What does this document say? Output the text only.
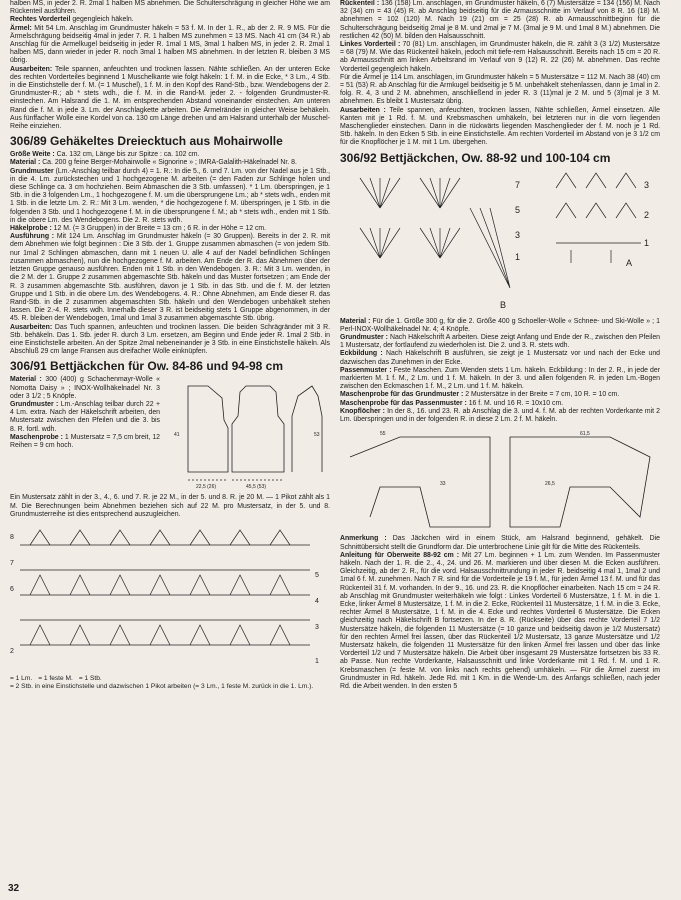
halben MS, in jeder 2. R. 2mal 1 halben MS abnehmen. Die Schulterschrägung in gleicher Höhe wie am Rückenteil ausführen.

Rechtes Vorderteil gegengleich häkeln.

Ärmel: Mit 54 Lm. Anschlag im Grundmuster häkeln = 53 f. M. In der 1. R., ab der 2. R. 9 MS. Für die Ärmelschrägung beidseitig 4mal in jeder 7. R. 1 halben MS zunehmen = 13 MS. Nach 41 cm (34 R.) ab Anschlag für die Armelkugel beidseitig in jeder R. 1mal 1 MS, 3mal 1 halben MS, in jeder 2. R. 2mal 1 halben MS, dann wieder in jeder R. noch 3mal 1 halben MS abnehmen. In der letzten R. bleiben 3 MS übrig.

Ausarbeiten: Teile spannen, anfeuchten und trocknen lassen. Nähte schließen. An der unteren Ecke des rechten Vorderteiles beginnend 1 Muschelkante wie folgt häkeln: 1 f. M. in die Ecke, * 3 Lm., 4 Stb. in die Einstichstelle der f. M. (= 1 Muschel), 1 f. M. in den Kopf des Rand-Stb., bzw. Wendebogens der 2. Grundmuster-R.; ab * stets wdh., die f. M. in die Rand-M. jeder 2. - folgenden Grundmuster-R. einstechen. Am Halsrand die 1. M. im entsprechenden Abstand voneinander einstechen. Am unteren Rand die f. M. in jede 3. Lm. der Anschlagkette arbeiten. Die Ärmelränder in gleicher Weise behäkeln. Aus fünffacher Wolle eine Kordel von ca. 130 cm Länge drehen und am Halsrand unterhalb der Muschel-Reihe einziehen.

306/89 Gehäkeltes Dreiecktuch aus Mohairwolle

Größe Weite : Ca. 132 cm, Länge bis zur Spitze : ca. 102 cm.

Material : Ca. 200 g feine Berger-Mohairwolle « Signorine » ; IMRA-Galalith-Häkelnadel Nr. 8.

Grundmuster (Lm.-Anschlag teilbar durch 4) = 1. R.: In die 5., 6. und 7. Lm. von der Nadel aus je 1 Stb., in die 4. Lm. zurückstechen und 1 hochgezogene M. arbeiten (= den Faden zur Schlinge holen und diese Schlinge ca. 3 cm hochziehen. Beim Abmaschen die 3 Stb. umfassen). * 1 Lm. überspringen, je 1 Stb. in die 3 folgenden Lm., 1 hochgezogene f. M. um die übersprungene Lm.; ab * stets wdh., enden mit 1 Stb. in die letzte Lm. 2. R.: Mit 3 Lm. wenden, * die hochgezogene f. M. überspringen, je 1 Stb. in die folgenden 3 Stb. und 1 hochgezogene f. M. in die übersprungene f. M.; ab * stets wdh., enden mit 1 Stb. in die obere Lm. des Wendebogens. Die 2. R. stets wdh.

Häkelprobe : 12 M. (= 3 Gruppen) in der Breite = 13 cm ; 6 R. in der Höhe = 12 cm.

Ausführung : Mit 124 Lm. Anschlag im Grundmuster häkeln (= 30 Gruppen). Bereits in der 2. R. mit dem Abnehmen wie folgt beginnen : Die 3 Stb. der 1. Gruppe zusammen abmaschen (= von jedem Stb. nur 1mal 2 Schlingen abmaschen, dann mit 1 neuen U. alle 4 auf der Nadel befindlichen Schlingen zusammen abmaschen), nun die hochgezogene f. M. arbeiten. Am Ende der R. das Abnehmen über der letzten Gruppe genauso ausführen. Enden mit 1 Stb. in den Wendebogen. 3. R.: Mit 3 Lm. wenden, in die 2 M. der 1. Gruppe 2 zusammen abgemaschte Stb. häkeln und das Muster fortsetzen ; am Ende der R. 3 zusammen abgemaschte Stb. ausführen, davon je 1 Stb. in das Stb. und die f. M. der letzten Gruppe und 1 Stb. in die obere Lm. des Wendebogens. 4. R.: Ohne Abnehmen, am Ende dieser R. das Rand-Stb. in die 2 zusammen abgemaschten Stb. häkeln und den Wendebogen unbehäkelt stehen lassen. Die 2.-4. R. stets wdh. Innerhalb dieser 3 R. ist beidseitig stets 1 Gruppe abgenommen, in der 45. R. bleiben der Wendebogen, 1mal und 1mal 3 zusammen abgemaschte Stb. übrig.

Ausarbeiten: Das Tuch spannen, anfeuchten und trocknen lassen. Die beiden Schrägränder mit 3 R. Stb. behäkeln. Das 1. Stb. jeder R. durch 3 Lm. ersetzen, am Beginn und Ende jeder R. 1mal 2 Stb. in eine Einstichstelle arbeiten. An der Spitze 2mal nebeneinander je 3 Stb. in eine Einstichstelle häkeln. Als Abschluß 29 cm lange Fransen aus dreifacher Wolle einknüpfen.

306/91 Bettjäckchen für Ow. 84-86 und 94-98 cm

Material : 300 (400) g Schachenmayr-Wolle « Nomotta Daisy » ; INOX-Wollhäkelnadel Nr. 3 oder 3 1/2 ; 5 Knöpfe.

Grundmuster : Lm.-Anschlag teilbar durch 22 + 4 Lm. extra. Nach der Häkelschrift arbeiten, den Mustersatz zwischen den Pfeilen und die 3. bis 8. R. fortl. wdh.

Maschenprobe : 1 Mustersatz = 7,5 cm breit, 12 Reihen = 9 cm hoch.

22,5 (26)	45,5 (53)
41	53

Ein Mustersatz zählt in der 3., 4., 6. und 7. R. je 22 M., in der 5. und 8. R. je 20 M. — 1 Pikot zählt als 1 M. Die Berechnungen beim Abnehmen beziehen sich auf 22 M. pro Mustersatz, in der 5. und 8. Grundmusterreihe ist dies entsprechend auszugleichen.

8
7
6
5
4
3
2
1
= 1 Lm. = 1 feste M. = 1 Stb.
= 2 Stb. in eine Einstichstelle und dazwischen 1 Pikot arbeiten (= 3 Lm., 1 feste M. zurück in die 1. Lm.).

Rückenteil : 136 (158) Lm. anschlagen, im Grundmuster häkeln, 6 (7) Mustersätze = 134 (156) M. Nach 32 (34) cm = 43 (45) R. ab Anschlag beidseitig für die Armausschnitte im Verlauf von 8 R. 16 (18) M. abnehmen = 102 (120) M. Nach 19 (21) cm = 25 (28) R. ab Armausschnittbeginn für die Schulterschrägung beidseitig 2mal je 8 M. und 2mal je 7 M. (3mal je 9 M. und 1mal 8 M.) abnehmen. Die restlichen 42 (50) M. bilden den Halsausschnitt.

Linkes Vorderteil : 70 (81) Lm. anschlagen, im Grundmuster häkeln, die R. zählt 3 (3 1/2) Mustersätze = 68 (79) M. Wie das Rückenteil häkeln, jedoch mit tiefe-rem Halsausschnitt. Bereits nach 15 cm = 20 R. ab Armausschnitt am linken Arbeitsrand im Verlauf von 9 (12) R. 22 (26) M. abnehmen. Das rechte Vorderteil gegengleich häkeln.

Für die Ärmel je 114 Lm. anschlagen, im Grundmuster häkeln = 5 Mustersätze = 112 M. Nach 38 (40) cm = 51 (53) R. ab Anschlag für die Armkugel beidseitig je 5 M. unbehäkelt stehenlassen, dann je 1mal in 2. folg. R. 4, 3 und 2 M. abnehmen, anschließend in jeder R. 3 (11)mal je 2 M. und 5 (3)mal je 3 M. abnehmen. Es bleibt 1 Mustersatz übrig.

Ausarbeiten : Teile spannen, anfeuchten, trocknen lassen, Nähte schließen, Ärmel einsetzen. Alle Kanten mit je 1 Rd. f. M. und Krebsmaschen umhäkeln, bei letzteren nur in die vorn liegenden Maschenglieder einstechen. Dann in die rückwärts liegenden Maschenglieder der f. M. noch je 1 Rd. Stb. häkeln. In den Ecken 5 Stb. in eine Einstichstelle. Am rechten Vorderteil im Abstand von je 3 1/2 cm für die Knopflöcher je 1 M. mit 1 Lm. übergehen.

306/92 Bettjäckchen, Ow. 88-92 und 100-104 cm
7
5
3
1
B
3
2
1
A

Material : Für die 1. Größe 300 g, für die 2. Größe 400 g Schoeller-Wolle « Schnee- und Ski-Wolle » ; 1 Perl-INOX-Wollhäkelnadel Nr. 4; 4 Knöpfe.

Grundmuster : Nach Häkelschrift A arbeiten. Diese zeigt Anfang und Ende der R., zwischen den Pfeilen 1 Mustersatz, der fortlaufend zu wiederholen ist. Die 2. und 3. R. stets wdh.

Eckbildung : Nach Häkelschrift B ausführen, sie zeigt je 1 Mustersatz vor und nach der Ecke und dazwischen das Zunehmen in der Ecke.

Passenmuster : Feste Maschen. Zum Wenden stets 1 Lm. häkeln. Eckbildung : In der 2. R., in jede der markierten M. 1 f. M., 2 Lm. und 1 f. M. häkeln. In der 3. und allen folgenden R. in jeden Lm.-Bogen zwischen den Eckmaschen 1 f. M., 2 Lm. und 1 f. M. häkeln.

Maschenprobe für das Grundmuster : 2 Mustersätze in der Breite = 7 cm, 10 R. = 10 cm.

Maschenprobe für das Passenmuster : 16 f. M. und 16 R. = 10x10 cm.

Knopflöcher : In der 8., 16. und 23. R. ab Anschlag die 3. und 4. f. M. ab der rechten Vorderkante mit 2 Lm. überspringen und in der folgenden R. in diese 2 Lm. 2 f. M. häkeln.

55	61,5
33	26,5

Anmerkung : Das Jäckchen wird in einem Stück, am Halsrand beginnend, gehäkelt. Die Schnittübersicht stellt die Grundform dar. Die unterbrochene Linie gilt für die Mitte des Rückenteils.

Anleitung für Oberweite 88-92 cm : Mit 27 Lm. beginnen + 1 Lm. zum Wenden. Im Passenmuster häkeln. Nach der 1. R. die 2., 4., 24. und 26. M. markieren und über diesen M. die Ecken ausführen. Gleichzeitig, ab der 2. R., für die vord. Halsausschnittrundung in jeder R. beidseitig 4 mal 1, 1mal 2 und 1mal 6 f. M. zunehmen. Nach 7 R. sind für die Vorderteile je 19 f. M., für jeden Ärmel 13 f. M. und für das Rückenteil 31 f. M. vorhanden. In der 9., 16. und 23. R. die Knopflöcher einarbeiten. Nach 15 cm = 24 R. ab Anschlag mit Grundmuster weiterhäkeln wie folgt : Linkes Vorderteil 6 Mustersätze, 1 f. M. in die 1. Ecke, linker Ärmel 8 Mustersätze, 1 f. M. in die 2. Ecke, Rückenteil 11 Mustersätze, 1 f. M. in die 3. Ecke, rechter Ärmel 8 Mustersätze, 1 f. M. in die 4. Ecke und rechtes Vorderteil 6 Mustersätze. Die Ecken gleichzeitig nach Häkelschrift B fortsetzen. In der 8. R. (Rückseite) über das rechte Vorderteil 7 1/2 Mustersätze häkeln, die folgenden 11 Mustersätze (= 10 ganze und beidseitig davon je 1/2 Mustersatz) für den rechten Ärmel frei lassen, über das Rückenteil 1/2 Mustersatz, 13 ganze Mustersätze und 1/2 Mustersatz häkeln, die folgenden 11 Mustersätze für den linken Ärmel frei lassen und über das linke Vorderteil 1/2 und 7 Mustersätze häkeln. Die Arbeit über insgesamt 29 Mustersätze fortsetzen bis 33 R. ab Passe. Nun rechte Vorderkante, Halsausschnitt und linke Vorderkante mit 1 Rd. f. M. und 1 R. Krebsmaschen (= feste M. von links nach rechts gehend) umhäkeln. — Für die Ärmel zuerst im Grundmuster in Rd. häkeln. Jede Rd. mit 1 Km. in die Wende-Lm. des Anfangs schließen, nach jeder Rd. die Arbeit wenden. In den ersten 5

32
